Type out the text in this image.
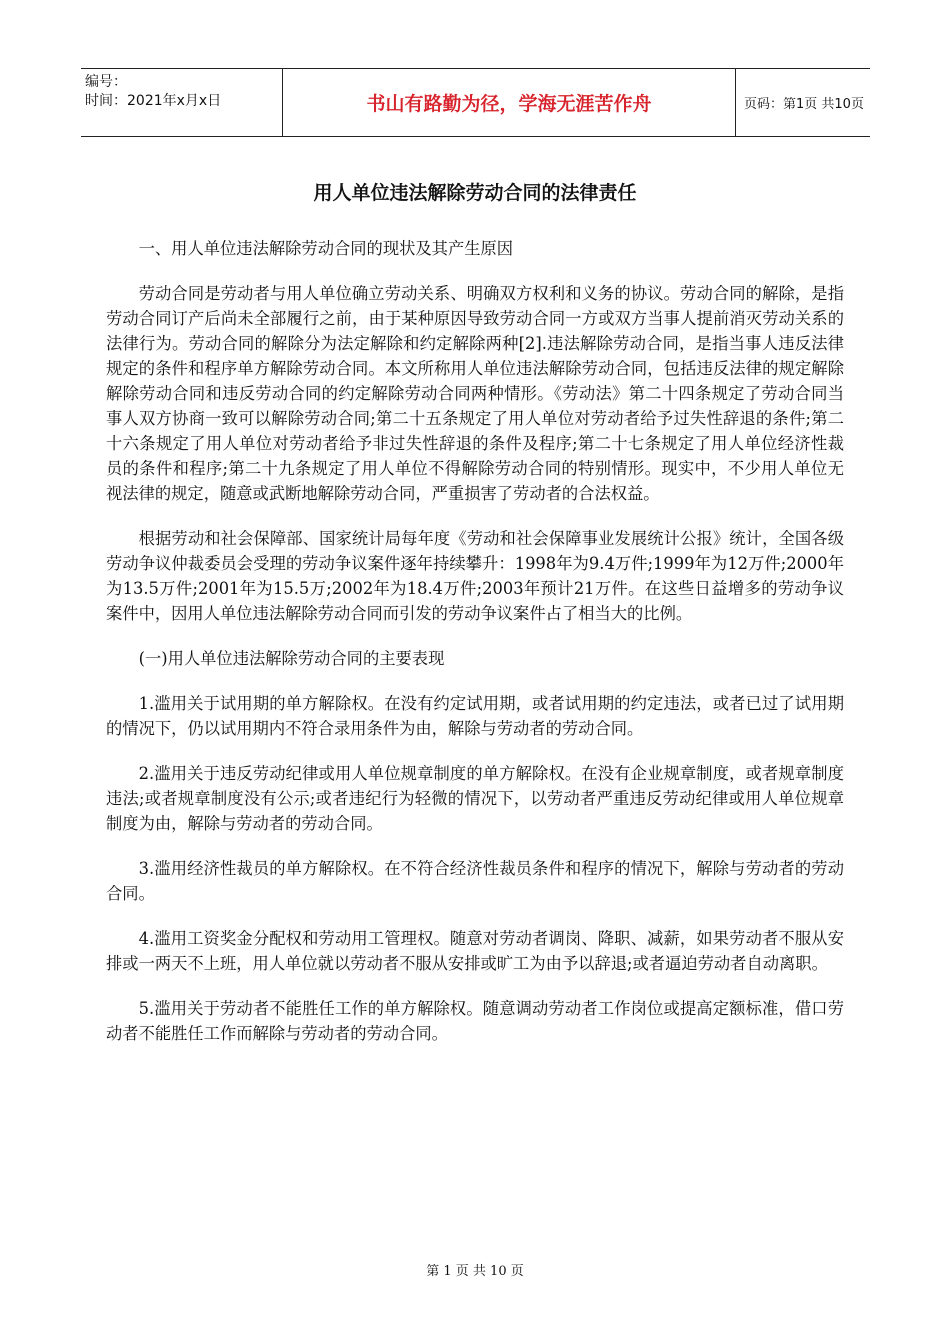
编号：
时间：2021年x月x日	书山有路勤为径，学海无涯苦作舟	页码：第1页 共10页
用人单位违法解除劳动合同的法律责任

一、用人单位违法解除劳动合同的现状及其产生原因

劳动合同是劳动者与用人单位确立劳动关系、明确双方权利和义务的协议。劳动合同的解除，是指劳动合同订产后尚未全部履行之前，由于某种原因导致劳动合同一方或双方当事人提前消灭劳动关系的法律行为。劳动合同的解除分为法定解除和约定解除两种[2].违法解除劳动合同，是指当事人违反法律规定的条件和程序单方解除劳动合同。本文所称用人单位违法解除劳动合同，包括违反法律的规定解除解除劳动合同和违反劳动合同的约定解除劳动合同两种情形。《劳动法》第二十四条规定了劳动合同当事人双方协商一致可以解除劳动合同;第二十五条规定了用人单位对劳动者给予过失性辞退的条件;第二十六条规定了用人单位对劳动者给予非过失性辞退的条件及程序;第二十七条规定了用人单位经济性裁员的条件和程序;第二十九条规定了用人单位不得解除劳动合同的特别情形。现实中，不少用人单位无视法律的规定，随意或武断地解除劳动合同，严重损害了劳动者的合法权益。

根据劳动和社会保障部、国家统计局每年度《劳动和社会保障事业发展统计公报》统计，全国各级劳动争议仲裁委员会受理的劳动争议案件逐年持续攀升：1998年为9.4万件;1999年为12万件;2000年为13.5万件;2001年为15.5万;2002年为18.4万件;2003年预计21万件。在这些日益增多的劳动争议案件中，因用人单位违法解除劳动合同而引发的劳动争议案件占了相当大的比例。

(一)用人单位违法解除劳动合同的主要表现

1.滥用关于试用期的单方解除权。在没有约定试用期，或者试用期的约定违法，或者已过了试用期的情况下，仍以试用期内不符合录用条件为由，解除与劳动者的劳动合同。

2.滥用关于违反劳动纪律或用人单位规章制度的单方解除权。在没有企业规章制度，或者规章制度违法;或者规章制度没有公示;或者违纪行为轻微的情况下，以劳动者严重违反劳动纪律或用人单位规章制度为由，解除与劳动者的劳动合同。

3.滥用经济性裁员的单方解除权。在不符合经济性裁员条件和程序的情况下，解除与劳动者的劳动合同。

4.滥用工资奖金分配权和劳动用工管理权。随意对劳动者调岗、降职、减薪，如果劳动者不服从安排或一两天不上班，用人单位就以劳动者不服从安排或旷工为由予以辞退;或者逼迫劳动者自动离职。

5.滥用关于劳动者不能胜任工作的单方解除权。随意调动劳动者工作岗位或提高定额标准，借口劳动者不能胜任工作而解除与劳动者的劳动合同。

第 1 页 共 10 页
